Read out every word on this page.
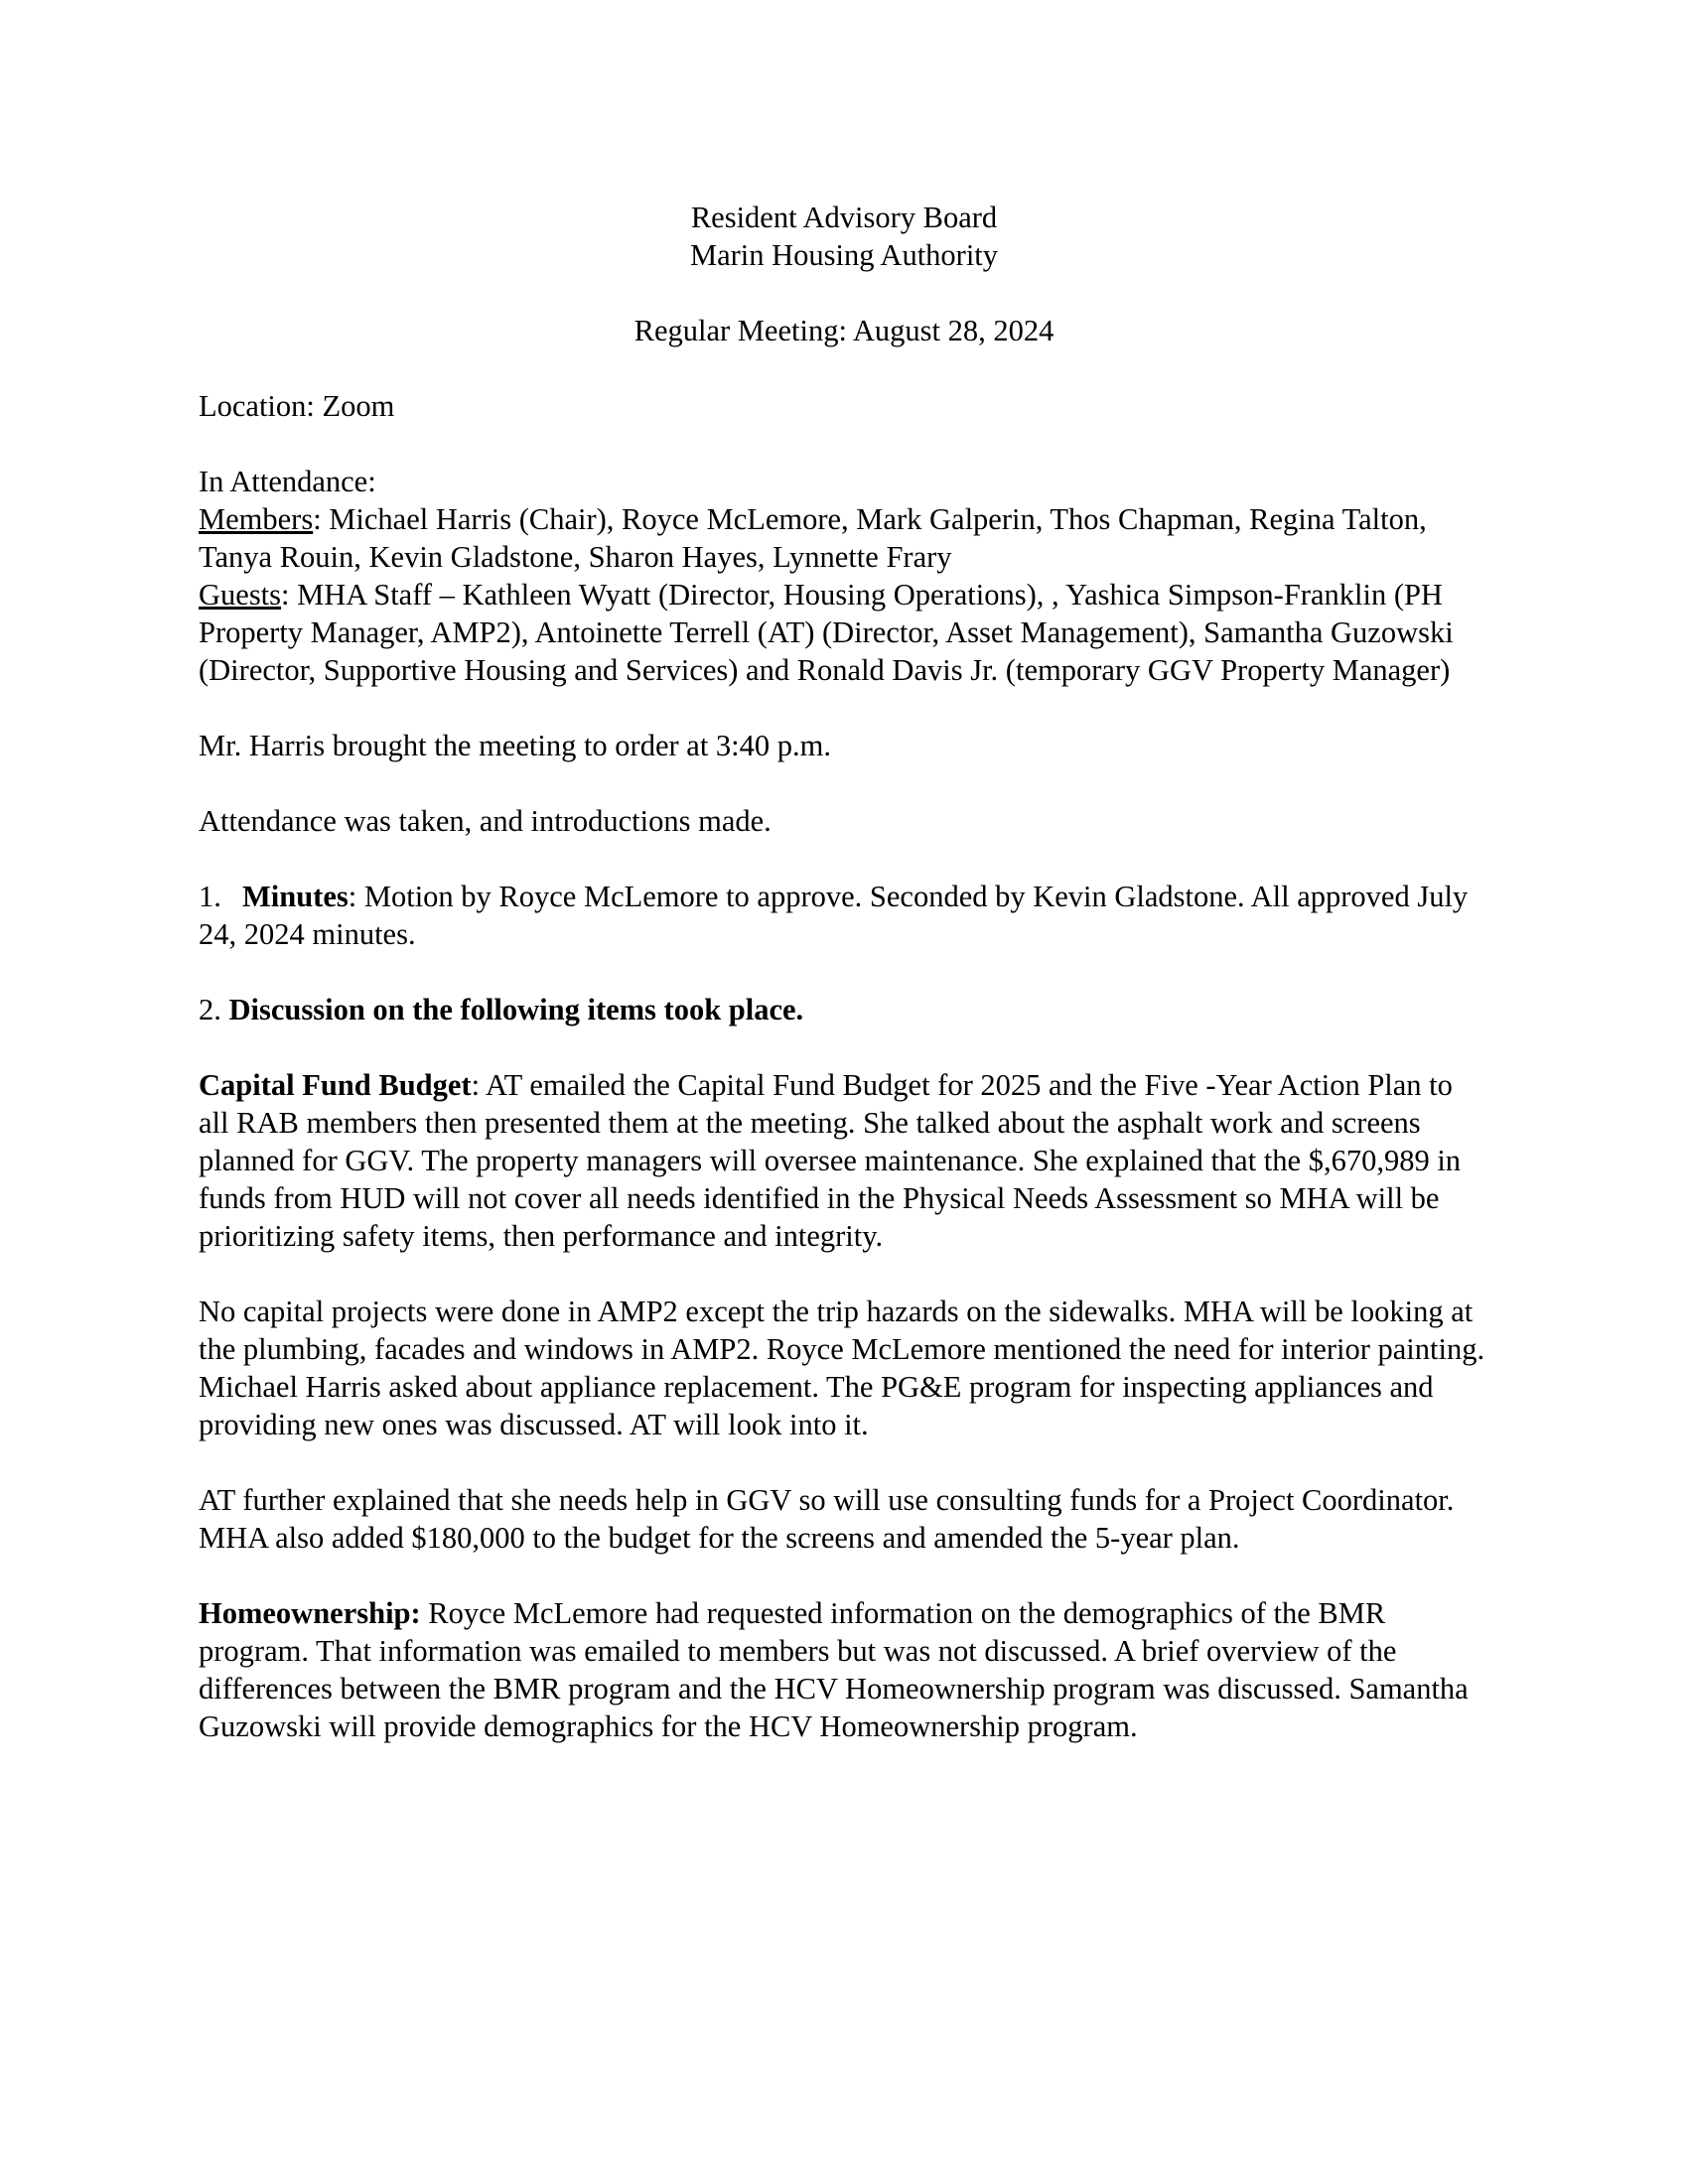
Resident Advisory Board

Marin Housing Authority

Regular Meeting: August 28, 2024

Location: Zoom

In Attendance:

Members: Michael Harris (Chair), Royce McLemore, Mark Galperin, Thos Chapman, Regina Talton, Tanya Rouin, Kevin Gladstone, Sharon Hayes, Lynnette Frary

Guests: MHA Staff – Kathleen Wyatt (Director, Housing Operations), , Yashica Simpson-Franklin (PH Property Manager, AMP2), Antoinette Terrell (AT) (Director, Asset Management), Samantha Guzowski (Director, Supportive Housing and Services) and Ronald Davis Jr. (temporary GGV Property Manager)

Mr. Harris brought the meeting to order at 3:40 p.m.

Attendance was taken, and introductions made.

1. Minutes: Motion by Royce McLemore to approve. Seconded by Kevin Gladstone. All approved July 24, 2024 minutes.

2. Discussion on the following items took place.

Capital Fund Budget: AT emailed the Capital Fund Budget for 2025 and the Five -Year Action Plan to all RAB members then presented them at the meeting. She talked about the asphalt work and screens planned for GGV. The property managers will oversee maintenance. She explained that the $,670,989 in funds from HUD will not cover all needs identified in the Physical Needs Assessment so MHA will be prioritizing safety items, then performance and integrity.

No capital projects were done in AMP2 except the trip hazards on the sidewalks. MHA will be looking at the plumbing, facades and windows in AMP2. Royce McLemore mentioned the need for interior painting. Michael Harris asked about appliance replacement. The PG&E program for inspecting appliances and providing new ones was discussed. AT will look into it.

AT further explained that she needs help in GGV so will use consulting funds for a Project Coordinator. MHA also added $180,000 to the budget for the screens and amended the 5-year plan.

Homeownership: Royce McLemore had requested information on the demographics of the BMR program. That information was emailed to members but was not discussed. A brief overview of the differences between the BMR program and the HCV Homeownership program was discussed. Samantha Guzowski will provide demographics for the HCV Homeownership program.
